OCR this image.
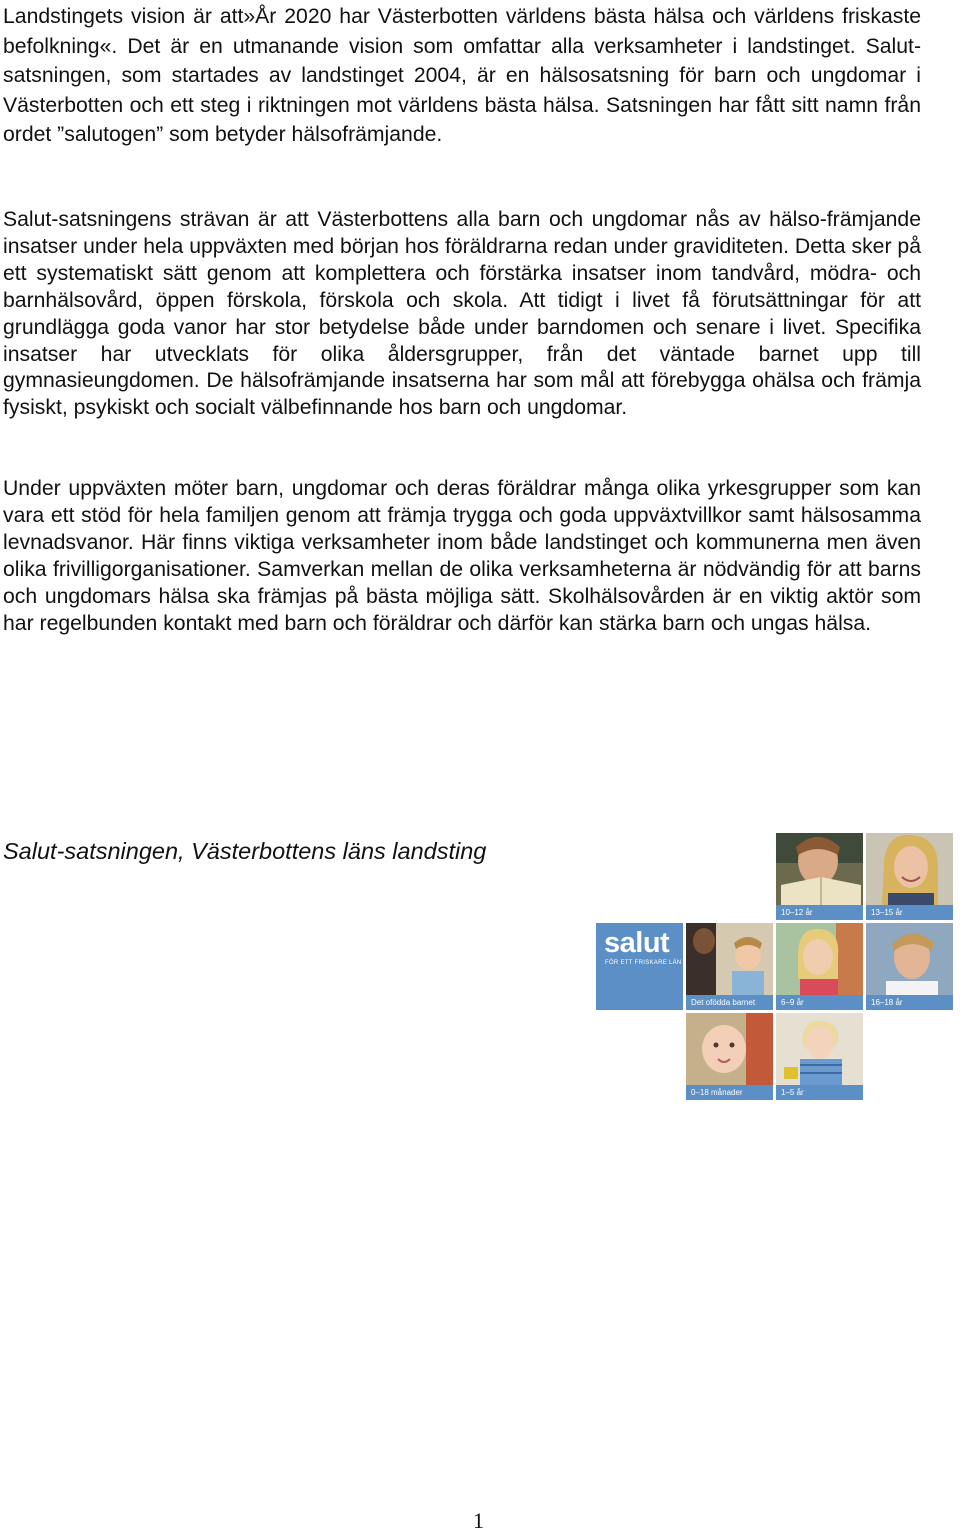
Landstingets vision är att»År 2020 har Västerbotten världens bästa hälsa och världens friskaste befolkning«. Det är en utmanande vision som omfattar alla verksamheter i landstinget. Salut-satsningen, som startades av landstinget 2004, är en hälsosatsning för barn och ungdomar i Västerbotten och ett steg i riktningen mot världens bästa hälsa. Satsningen har fått sitt namn från ordet ”salutogen” som betyder hälsofrämjande.

Salut-satsningens strävan är att Västerbottens alla barn och ungdomar nås av hälso-främjande insatser under hela uppväxten med början hos föräldrarna redan under graviditeten. Detta sker på ett systematiskt sätt genom att komplettera och förstärka insatser inom tandvård, mödra- och barnhälsovård, öppen förskola, förskola och skola. Att tidigt i livet få förutsättningar för att grundlägga goda vanor har stor betydelse både under barndomen och senare i livet. Specifika insatser har utvecklats för olika åldersgrupper, från det väntade barnet upp till gymnasieungdomen. De hälsofrämjande insatserna har som mål att förebygga ohälsa och främja fysiskt, psykiskt och socialt välbefinnande hos barn och ungdomar.

Under uppväxten möter barn, ungdomar och deras föräldrar många olika yrkesgrupper som kan vara ett stöd för hela familjen genom att främja trygga och goda uppväxtvillkor samt hälsosamma levnadsvanor. Här finns viktiga verksamheter inom både landstinget och kommunerna men även olika frivilligorganisationer. Samverkan mellan de olika verksamheterna är nödvändig för att barns och ungdomars hälsa ska främjas på bästa möjliga sätt. Skolhälsovården är en viktig aktör som har regelbunden kontakt med barn och föräldrar och därför kan stärka barn och ungas hälsa.

Salut-satsningen, Västerbottens läns landsting

10–12 år	13–15 år
salut
FÖR ETT FRISKARE LÄN
Det ofödda barnet	6–9 år	16–18 år
0–18 månader	1–5 år
1
